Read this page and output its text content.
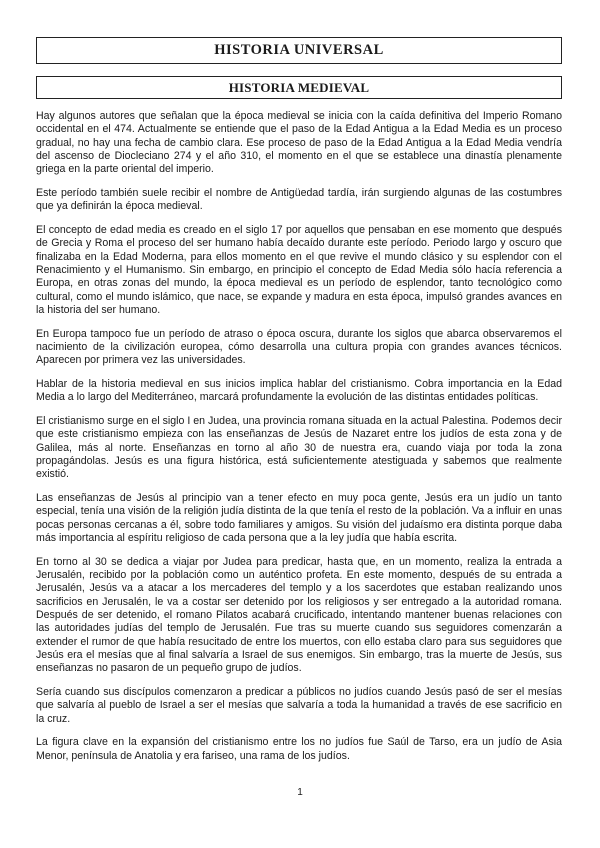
HISTORIA UNIVERSAL
HISTORIA MEDIEVAL

Hay algunos autores que señalan que la época medieval se inicia con la caída definitiva del Imperio Romano occidental en el 474. Actualmente se entiende que el paso de la Edad Antigua a la Edad Media es un proceso gradual, no hay una fecha de cambio clara. Ese proceso de paso de la Edad Antigua a la Edad Media vendría del ascenso de Diocleciano 274 y el año 310, el momento en el que se establece una dinastía plenamente griega en la parte oriental del imperio.

Este período también suele recibir el nombre de Antigüedad tardía, irán surgiendo algunas de las costumbres que ya definirán la época medieval.

El concepto de edad media es creado en el siglo 17 por aquellos que pensaban en ese momento que después de Grecia y Roma el proceso del ser humano había decaído durante este período. Periodo largo y oscuro que finalizaba en la Edad Moderna, para ellos momento en el que revive el mundo clásico y su esplendor con el Renacimiento y el Humanismo. Sin embargo, en principio el concepto de Edad Media sólo hacía referencia a Europa, en otras zonas del mundo, la época medieval es un período de esplendor, tanto tecnológico como cultural, como el mundo islámico, que nace, se expande y madura en esta época, impulsó grandes avances en la historia del ser humano.

En Europa tampoco fue un período de atraso o época oscura, durante los siglos que abarca observaremos el nacimiento de la civilización europea, cómo desarrolla una cultura propia con grandes avances técnicos. Aparecen por primera vez las universidades.

Hablar de la historia medieval en sus inicios implica hablar del cristianismo. Cobra importancia en la Edad Media a lo largo del Mediterráneo, marcará profundamente la evolución de las distintas entidades políticas.

El cristianismo surge en el siglo I en Judea, una provincia romana situada en la actual Palestina. Podemos decir que este cristianismo empieza con las enseñanzas de Jesús de Nazaret entre los judíos de esta zona y de Galilea, más al norte. Enseñanzas en torno al año 30 de nuestra era, cuando viaja por toda la zona propagándolas. Jesús es una figura histórica, está suficientemente atestiguada y sabemos que realmente existió.

Las enseñanzas de Jesús al principio van a tener efecto en muy poca gente, Jesús era un judío un tanto especial, tenía una visión de la religión judía distinta de la que tenía el resto de la población. Va a influir en unas pocas personas cercanas a él, sobre todo familiares y amigos. Su visión del judaísmo era distinta porque daba más importancia al espíritu religioso de cada persona que a la ley judía que había escrita.

En torno al 30 se dedica a viajar por Judea para predicar, hasta que, en un momento, realiza la entrada a Jerusalén, recibido por la población como un auténtico profeta. En este momento, después de su entrada a Jerusalén, Jesús va a atacar a los mercaderes del templo y a los sacerdotes que estaban realizando unos sacrificios en Jerusalén, le va a costar ser detenido por los religiosos y ser entregado a la autoridad romana. Después de ser detenido, el romano Pilatos acabará crucificado, intentando mantener buenas relaciones con las autoridades judías del templo de Jerusalén. Fue tras su muerte cuando sus seguidores comenzarán a extender el rumor de que había resucitado de entre los muertos, con ello estaba claro para sus seguidores que Jesús era el mesías que al final salvaría a Israel de sus enemigos. Sin embargo, tras la muerte de Jesús, sus enseñanzas no pasaron de un pequeño grupo de judíos.

Sería cuando sus discípulos comenzaron a predicar a públicos no judíos cuando Jesús pasó de ser el mesías que salvaría al pueblo de Israel a ser el mesías que salvaría a toda la humanidad a través de ese sacrificio en la cruz.

La figura clave en la expansión del cristianismo entre los no judíos fue Saúl de Tarso, era un judío de Asia Menor, península de Anatolia y era fariseo, una rama de los judíos.

1
